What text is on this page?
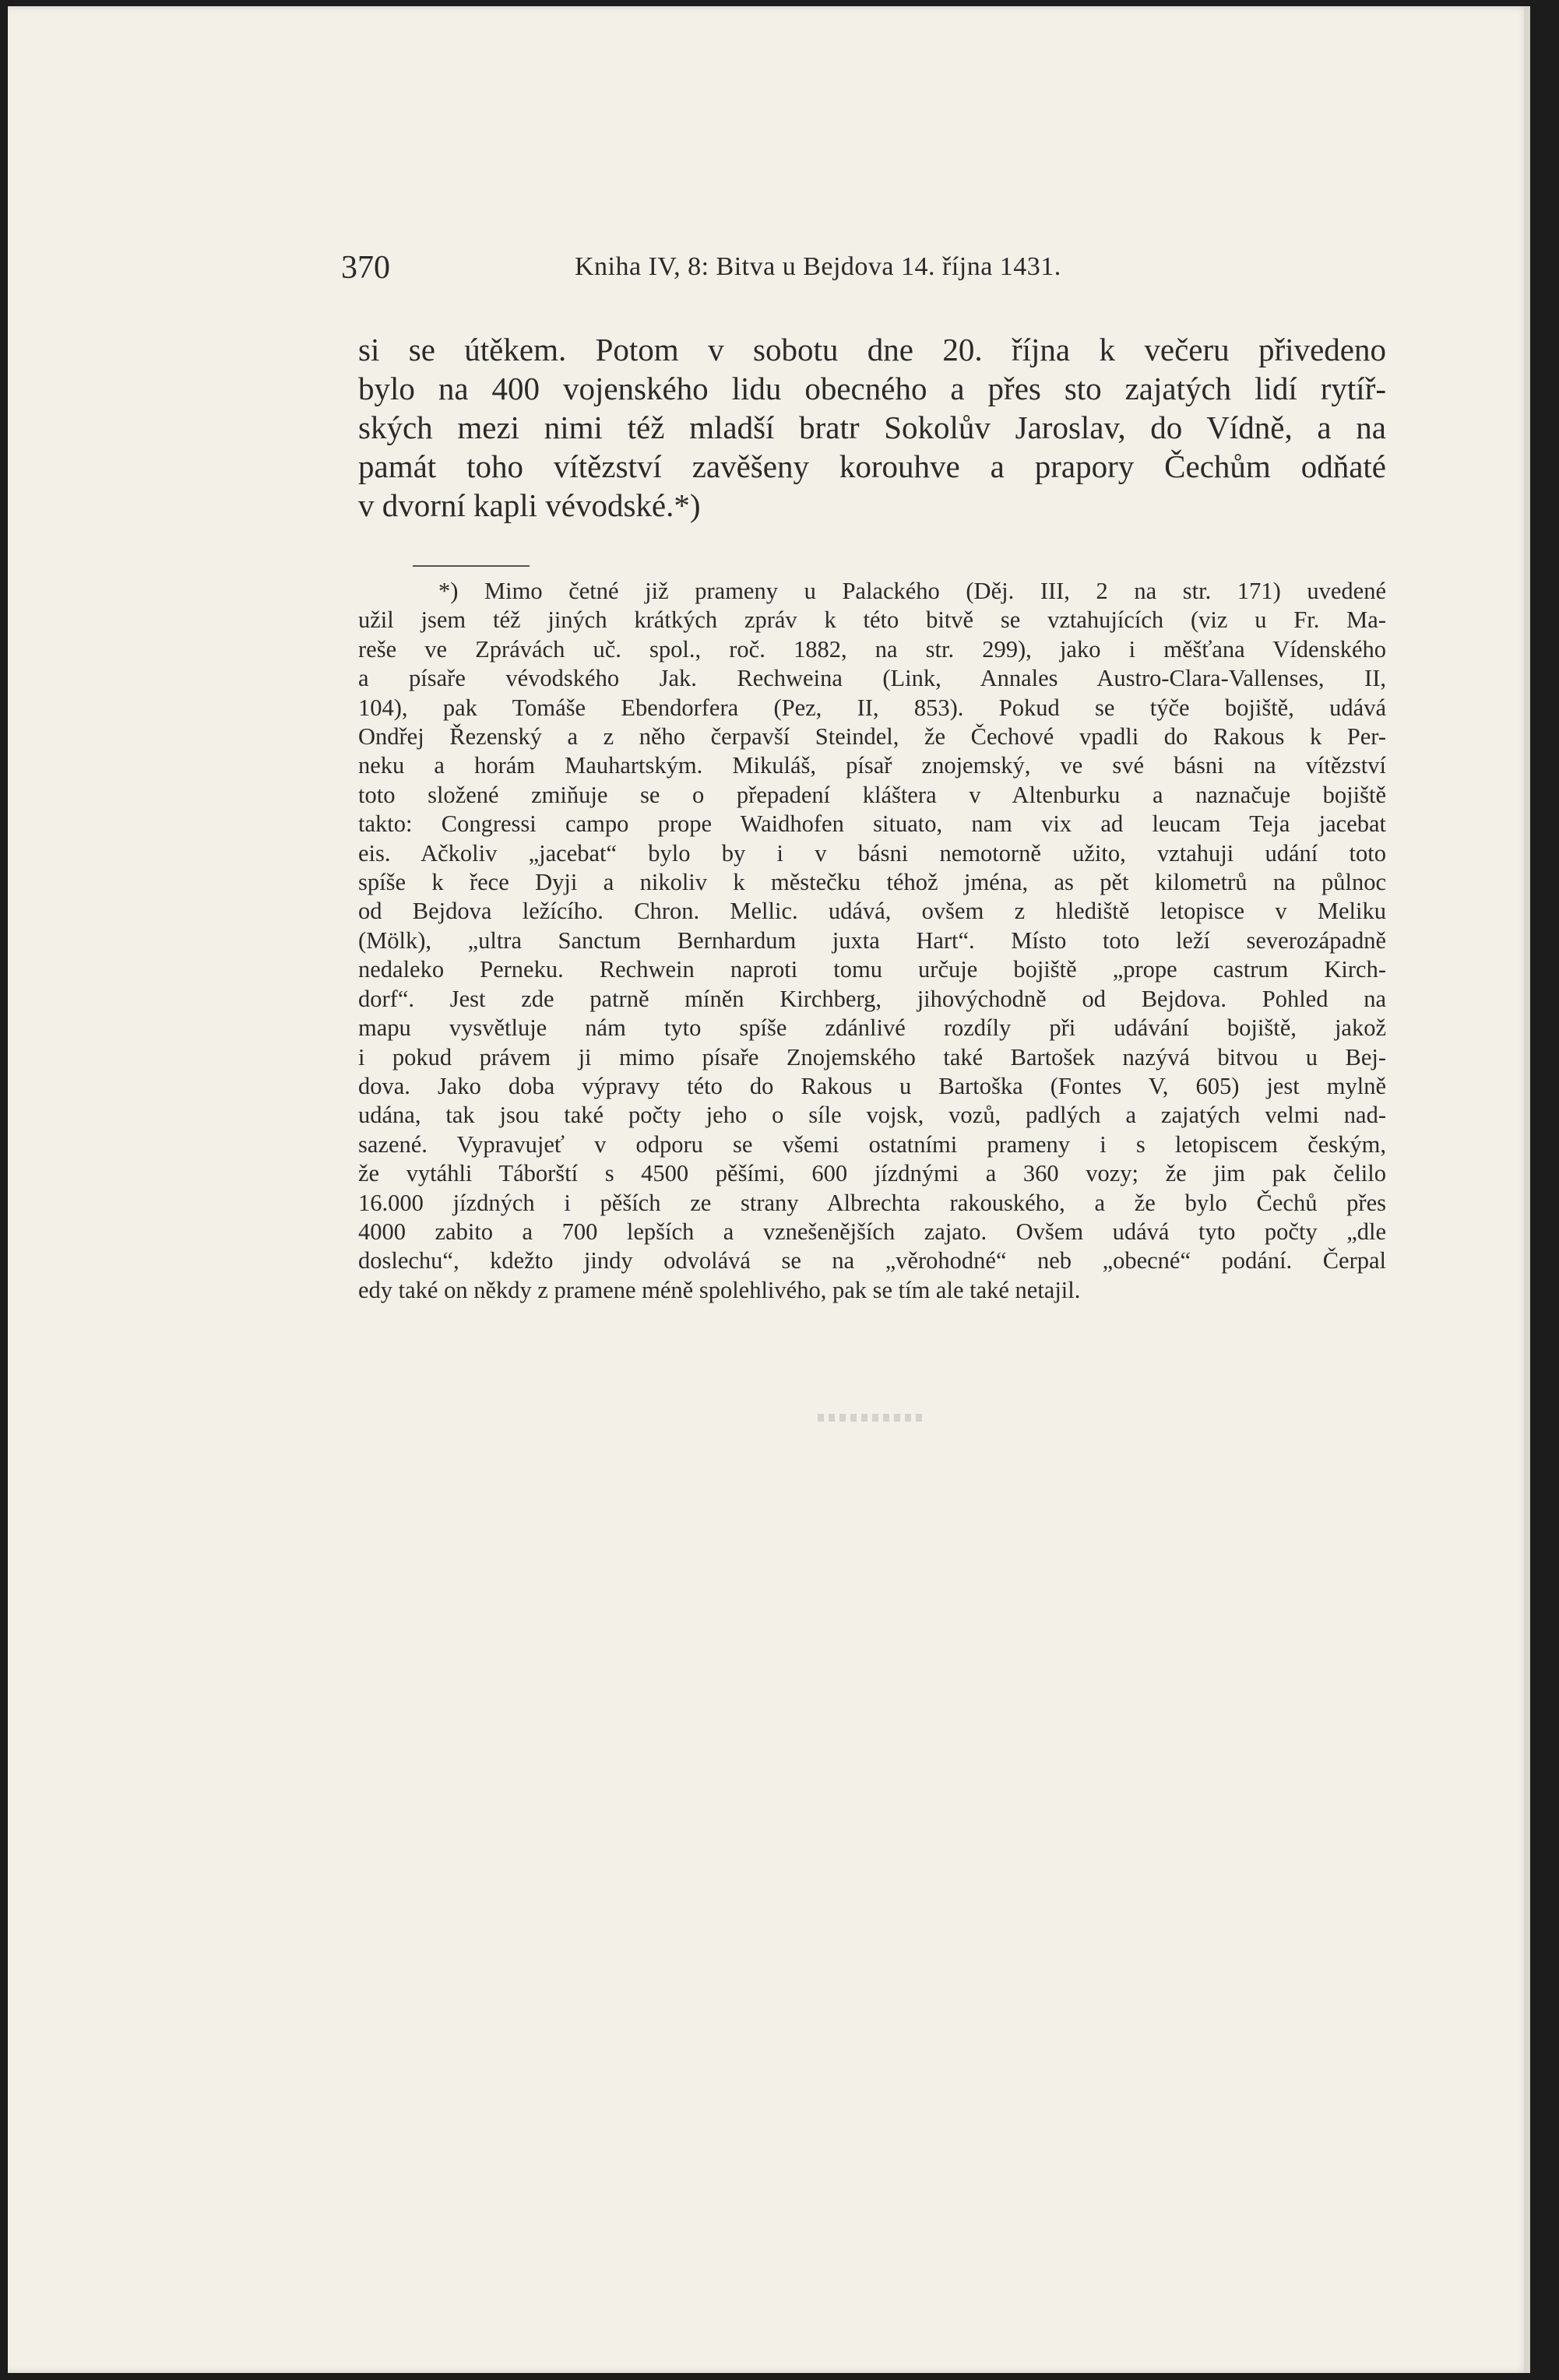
370	Kniha IV, 8: Bitva u Bejdova 14. října 1431.
si se útěkem. Potom v sobotu dne 20. října k večeru přivedeno
bylo na 400 vojenského lidu obecného a přes sto zajatých lidí rytíř-
ských mezi nimi též mladší bratr Sokolův Jaroslav, do Vídně, a na
památ toho vítězství zavěšeny korouhve a prapory Čechům odňaté
v dvorní kapli vévodské.*)
*) Mimo četné již prameny u Palackého (Děj. III, 2 na str. 171) uvedené
užil jsem též jiných krátkých zpráv k této bitvě se vztahujících (viz u Fr. Ma-
reše ve Zprávách uč. spol., roč. 1882, na str. 299), jako i měšťana Vídenského
a písaře vévodského Jak. Rechweina (Link, Annales Austro-Clara-Vallenses, II,
104), pak Tomáše Ebendorfera (Pez, II, 853). Pokud se týče bojiště, udává
Ondřej Řezenský a z něho čerpavší Steindel, že Čechové vpadli do Rakous k Per-
neku a horám Mauhartským. Mikuláš, písař znojemský, ve své básni na vítězství
toto složené zmiňuje se o přepadení kláštera v Altenburku a naznačuje bojiště
takto: Congressi campo prope Waidhofen situato, nam vix ad leucam Teja jacebat
eis. Ačkoliv „jacebat“ bylo by i v básni nemotorně užito, vztahuji udání toto
spíše k řece Dyji a nikoliv k městečku téhož jména, as pět kilometrů na půlnoc
od Bejdova ležícího. Chron. Mellic. udává, ovšem z hlediště letopisce v Meliku
(Mölk), „ultra Sanctum Bernhardum juxta Hart“. Místo toto leží severozápadně
nedaleko Perneku. Rechwein naproti tomu určuje bojiště „prope castrum Kirch-
dorf“. Jest zde patrně míněn Kirchberg, jihovýchodně od Bejdova. Pohled na
mapu vysvětluje nám tyto spíše zdánlivé rozdíly při udávání bojiště, jakož
i pokud právem ji mimo písaře Znojemského také Bartošek nazývá bitvou u Bej-
dova. Jako doba výpravy této do Rakous u Bartoška (Fontes V, 605) jest mylně
udána, tak jsou také počty jeho o síle vojsk, vozů, padlých a zajatých velmi nad-
sazené. Vypravujeť v odporu se všemi ostatními prameny i s letopiscem českým,
že vytáhli Táborští s 4500 pěšími, 600 jízdnými a 360 vozy; že jim pak čelilo
16.000 jízdných i pěších ze strany Albrechta rakouského, a že bylo Čechů přes
4000 zabito a 700 lepších a vznešenějších zajato. Ovšem udává tyto počty „dle
doslechu“, kdežto jindy odvolává se na „věrohodné“ neb „obecné“ podání. Čerpal
edy také on někdy z pramene méně spolehlivého, pak se tím ale také netajil.
